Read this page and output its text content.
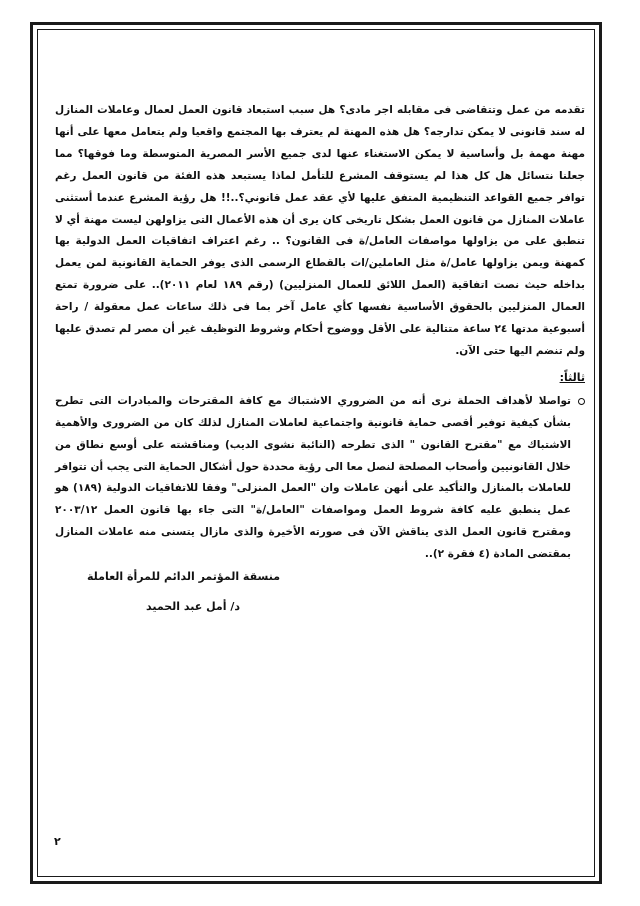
تقدمه من عمل وتتقاضى فى مقابله اجر مادى؟ هل سبب استبعاد قانون العمل لعمال وعاملات المنازل له سند قانونى لا يمكن تدارجه؟ هل هذه المهنة لم يعترف بها المجتمع واقعيا ولم يتعامل معها على أنها مهنة مهمة بل وأساسية لا يمكن الاستغناء عنها لدى جميع الأسر المصرية المتوسطة وما فوقها؟ مما جعلنا نتسائل هل كل هذا لم يستوقف المشرع للتأمل لماذا يستبعد هذه الفئة من قانون العمل رغم توافر جميع القواعد التنظيمية المتفق عليها لأي عقد عمل قانوني؟..!! هل رؤية المشرع عندما أستثنى عاملات المنازل من قانون العمل بشكل تاريخى كان يرى أن هذه الأعمال التى يزاولهن ليست مهنة أي لا تنطبق على من يزاولها مواصفات العامل/ة فى القانون؟ .. رغم اعتراف اتفاقيات العمل الدولية بها كمهنة ويمن يزاولها عامل/ة مثل العاملين/ات بالقطاع الرسمى الذى يوفر الحماية القانونية لمن يعمل بداخله حيث نصت اتفاقية (العمل اللائق للعمال المنزليين) (رقم ١٨٩ لعام ٢٠١١).. على ضرورة تمتع العمال المنزليين بالحقوق الأساسية نفسها كأي عامل آخر بما فى ذلك ساعات عمل معقولة / راحة أسبوعية مدتها ٢٤ ساعة متتالية على الأقل ووضوح أحكام وشروط التوظيف غير أن مصر لم تصدق عليها ولم تنضم اليها حتى الآن.

ثالثاً:

تواصلا لأهداف الحملة نرى أنه من الضروري الاشتباك مع كافة المقترحات والمبادرات التى تطرح بشأن كيفية توفير أقصى حماية قانونية واجتماعية لعاملات المنازل لذلك كان من الضرورى والأهمية الاشتباك مع "مقترح القانون " الذى تطرحه (النائبة نشوى الديب) ومناقشته على أوسع نطاق من خلال القانونيين وأصحاب المصلحة لنصل معا الى رؤية محددة حول أشكال الحماية التى يجب أن تتوافر للعاملات بالمنازل والتأكيد على أنهن عاملات وان "العمل المنزلى" وفقا للاتفاقيات الدولية (١٨٩) هو عمل ينطبق عليه كافة شروط العمل ومواصفات "العامل/ة" التى جاء بها قانون العمل ٢٠٠٣/١٢ ومقترح قانون العمل الذى يناقش الآن فى صورته الأخيرة والذى مازال يتسنى منه عاملات المنازل بمقتضى المادة (٤ فقرة ٢)..

منسقة المؤتمر الدائم للمرأة العاملة
د/ أمل عبد الحميد
٢
